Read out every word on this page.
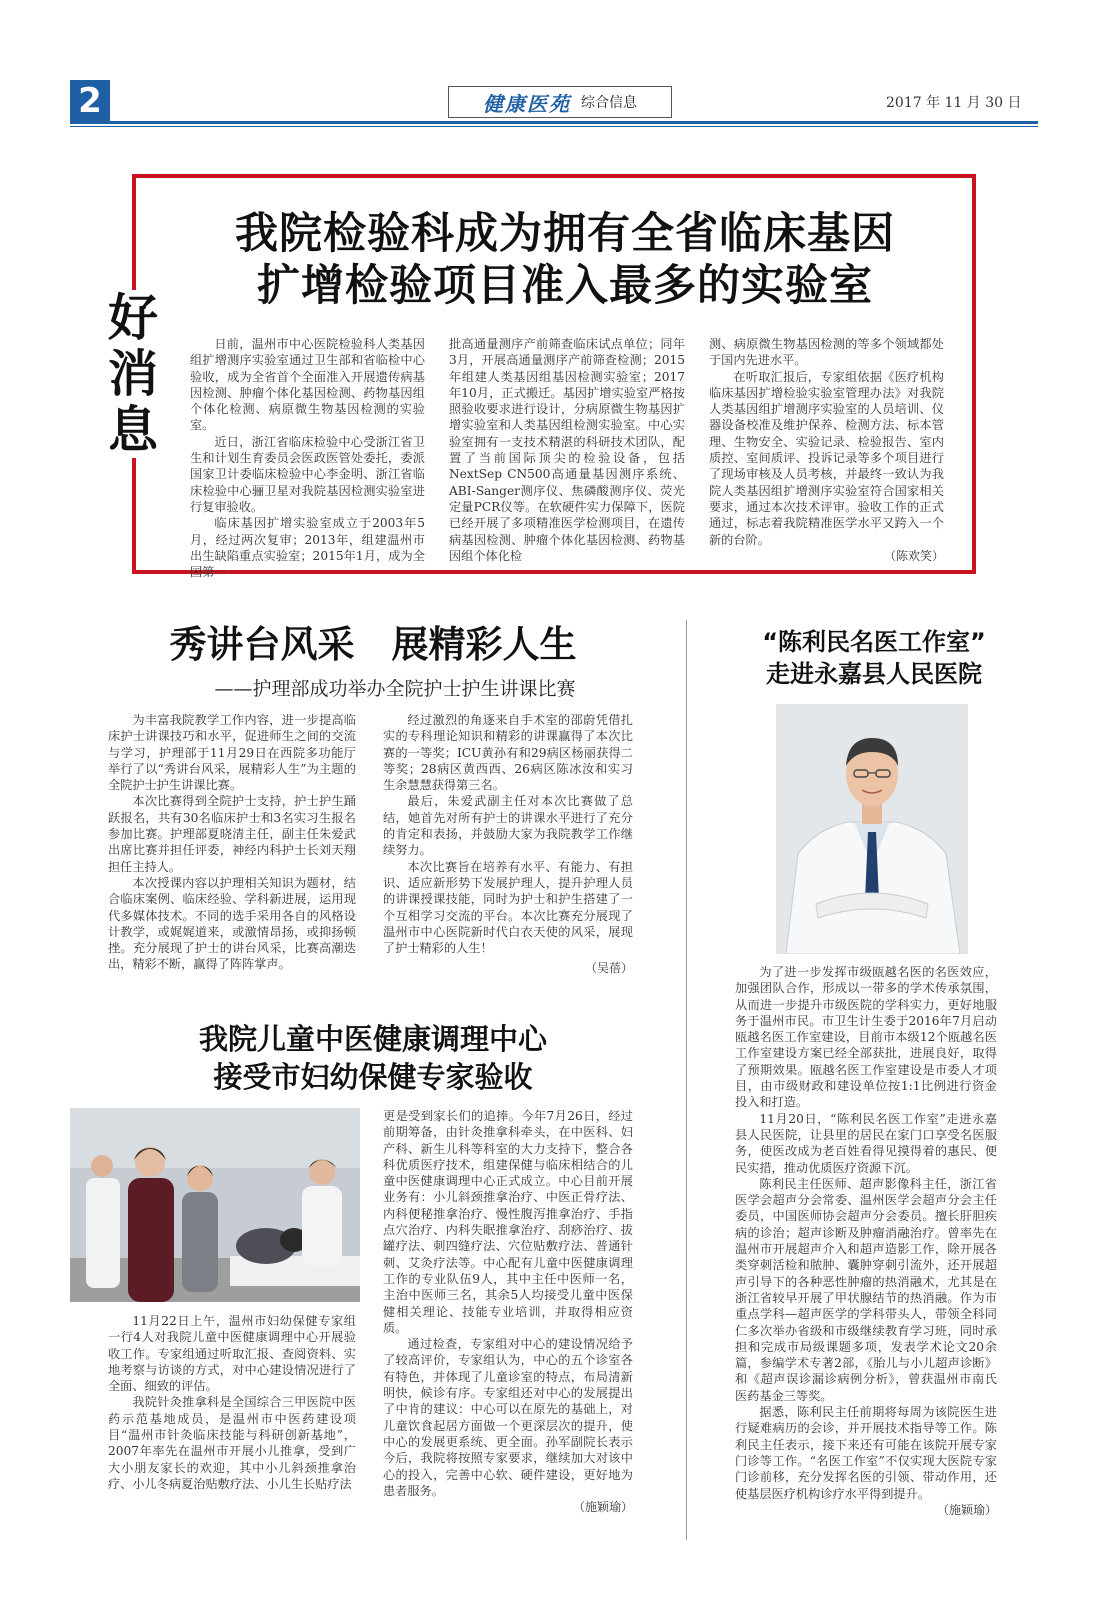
2	健康医苑 综合信息	2017 年 11 月 30 日
好消息
我院检验科成为拥有全省临床基因
扩增检验项目准入最多的实验室

日前，温州市中心医院检验科人类基因组扩增测序实验室通过卫生部和省临检中心验收，成为全省首个全面准入开展遗传病基因检测、肿瘤个体化基因检测、药物基因组个体化检测、病原微生物基因检测的实验室。

近日，浙江省临床检验中心受浙江省卫生和计划生育委员会医政医管处委托，委派国家卫计委临床检验中心李金明、浙江省临床检验中心骊卫星对我院基因检测实验室进行复审验收。

临床基因扩增实验室成立于2003年5月，经过两次复审；2013年，组建温州市出生缺陷重点实验室；2015年1月，成为全国第一

批高通量测序产前筛查临床试点单位；同年3月，开展高通量测序产前筛查检测；2015年组建人类基因组基因检测实验室；2017年10月，正式搬迁。基因扩增实验室严格按照验收要求进行设计，分病原微生物基因扩增实验室和人类基因组检测实验室。中心实验室拥有一支技术精湛的科研技术团队，配置了当前国际顶尖的检验设备，包括NextSep CN500高通量基因测序系统、ABI-Sanger测序仪、焦磷酸测序仪、荧光定量PCR仪等。在软硬件实力保障下，医院已经开展了多项精准医学检测项目，在遗传病基因检测、肿瘤个体化基因检测、药物基因组个体化检

测、病原微生物基因检测的等多个领域都处于国内先进水平。

在听取汇报后，专家组依据《医疗机构临床基因扩增检验实验室管理办法》对我院人类基因组扩增测序实验室的人员培训、仪器设备校准及维护保养、检测方法、标本管理、生物安全、实验记录、检验报告、室内质控、室间质评、投诉记录等多个项目进行了现场审核及人员考核，并最终一致认为我院人类基因组扩增测序实验室符合国家相关要求，通过本次技术评审。验收工作的正式通过，标志着我院精准医学水平又跨入一个新的台阶。

（陈欢笑）
秀讲台风采　展精彩人生
——护理部成功举办全院护士护生讲课比赛

为丰富我院教学工作内容，进一步提高临床护士讲课技巧和水平，促进师生之间的交流与学习，护理部于11月29日在西院多功能厅举行了以“秀讲台风采，展精彩人生”为主题的全院护士护生讲课比赛。

本次比赛得到全院护士支持，护士护生踊跃报名，共有30名临床护士和3名实习生报名参加比赛。护理部夏晓清主任，副主任朱爱武出席比赛并担任评委，神经内科护士长刘天翔担任主持人。

本次授课内容以护理相关知识为题材，结合临床案例、临床经验、学科新进展，运用现代多媒体技术。不同的选手采用各自的风格设计教学，或娓娓道来，或激情昂扬，或抑扬顿挫。充分展现了护士的讲台风采，比赛高潮迭出，精彩不断，赢得了阵阵掌声。

经过激烈的角逐来自手术室的邵蔚凭借扎实的专科理论知识和精彩的讲课赢得了本次比赛的一等奖；ICU黄孙有和29病区杨丽获得二等奖；28病区黄西西、26病区陈冰汝和实习生余慧慧获得第三名。

最后，朱爱武副主任对本次比赛做了总结，她首先对所有护士的讲课水平进行了充分的肯定和表扬，并鼓励大家为我院教学工作继续努力。

本次比赛旨在培养有水平、有能力、有担识、适应新形势下发展护理人，提升护理人员的讲课授课技能，同时为护士和护生搭建了一个互相学习交流的平台。本次比赛充分展现了温州市中心医院新时代白衣天使的风采，展现了护士精彩的人生！

（吴蓓）
“陈利民名医工作室”
走进永嘉县人民医院

为了进一步发挥市级瓯越名医的名医效应，加强团队合作，形成以一带多的学术传承氛围，从而进一步提升市级医院的学科实力，更好地服务于温州市民。市卫生计生委于2016年7月启动瓯越名医工作室建设，目前市本级12个瓯越名医工作室建设方案已经全部获批，进展良好，取得了预期效果。瓯越名医工作室建设是市委人才项目，由市级财政和建设单位按1:1比例进行资金投入和打造。

11月20日，“陈利民名医工作室”走进永嘉县人民医院，让县里的居民在家门口享受名医服务，使医改成为老百姓看得见摸得着的惠民、便民实措，推动优质医疗资源下沉。

陈利民主任医师、超声影像科主任，浙江省医学会超声分会常委、温州医学会超声分会主任委员，中国医师协会超声分会委员。擅长肝胆疾病的诊治；超声诊断及肿瘤消融治疗。曾率先在温州市开展超声介入和超声造影工作，除开展各类穿刺活检和脓肿、囊肿穿刺引流外，还开展超声引导下的各种恶性肿瘤的热消融术，尤其是在浙江省较早开展了甲状腺结节的热消融。作为市重点学科—超声医学的学科带头人，带领全科同仁多次举办省级和市级继续教育学习班，同时承担和完成市局级课题多项，发表学术论文20余篇，参编学术专著2部，《胎儿与小儿超声诊断》和《超声误诊漏诊病例分析》，曾获温州市南氏医药基金三等奖。

据悉，陈利民主任前期将每周为该院医生进行疑难病历的会诊，并开展技术指导等工作。陈利民主任表示，接下来还有可能在该院开展专家门诊等工作。“名医工作室”不仅实现大医院专家门诊前移，充分发挥名医的引领、带动作用，还使基层医疗机构诊疗水平得到提升。

（施颖瑜）
我院儿童中医健康调理中心
接受市妇幼保健专家验收

11月22日上午，温州市妇幼保健专家组一行4人对我院儿童中医健康调理中心开展验收工作。专家组通过听取汇报、查阅资料、实地考察与访谈的方式，对中心建设情况进行了全面、细致的评估。

我院针灸推拿科是全国综合三甲医院中医药示范基地成员，是温州市中医药建设项目“温州市针灸临床技能与科研创新基地”，2007年率先在温州市开展小儿推拿，受到广大小朋友家长的欢迎，其中小儿斜颈推拿治疗、小儿冬病夏治贴敷疗法、小儿生长贴疗法

更是受到家长们的追捧。今年7月26日，经过前期筹备，由针灸推拿科牵头，在中医科、妇产科、新生儿科等科室的大力支持下，整合各科优质医疗技术，组建保健与临床相结合的儿童中医健康调理中心正式成立。中心目前开展业务有：小儿斜颈推拿治疗、中医正骨疗法、内科便秘推拿治疗、慢性腹泻推拿治疗、手指点穴治疗、内科失眠推拿治疗、刮痧治疗、拔罐疗法、刺四缝疗法、穴位贴敷疗法、普通针刺、艾灸疗法等。中心配有儿童中医健康调理工作的专业队伍9人，其中主任中医师一名，主治中医师三名，其余5人均接受儿童中医保健相关理论、技能专业培训，并取得相应资质。

通过检查，专家组对中心的建设情况给予了较高评价，专家组认为，中心的五个诊室各有特色，并体现了儿童诊室的特点，布局清新明快，候诊有序。专家组还对中心的发展提出了中肯的建议：中心可以在原先的基础上，对儿童饮食起居方面做一个更深层次的提升，使中心的发展更系统、更全面。孙军副院长表示今后，我院将按照专家要求，继续加大对该中心的投入，完善中心软、硬件建设，更好地为患者服务。

（施颖瑜）
